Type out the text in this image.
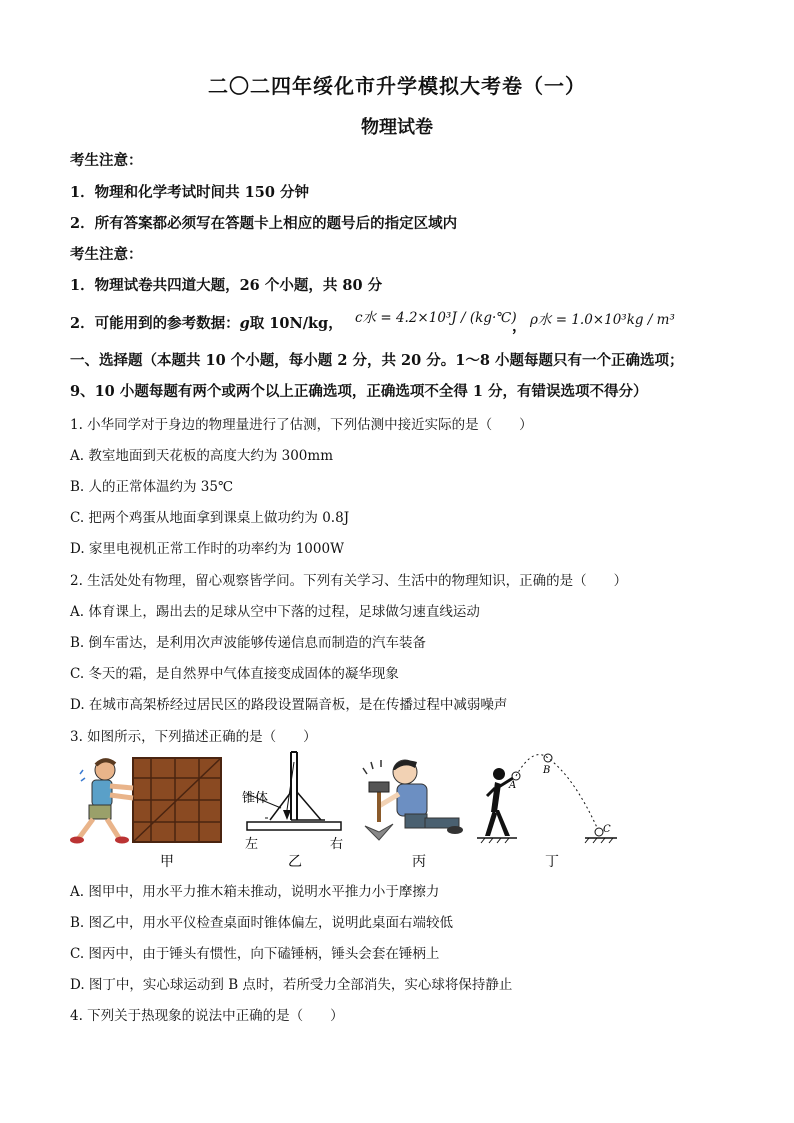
二〇二四年绥化市升学模拟大考卷（一）
物理试卷
考生注意：
1．物理和化学考试时间共 150 分钟
2．所有答案都必须写在答题卡上相应的题号后的指定区域内
考生注意：
1．物理试卷共四道大题，26 个小题，共 80 分
2．可能用到的参考数据：g取 10N/kg， c水 = 4.2×10³J / (kg·℃)
， ρ水 = 1.0×10³kg / m³
一、选择题（本题共 10 个小题，每小题 2 分，共 20 分。1～8 小题每题只有一个正确选项；
9、10 小题每题有两个或两个以上正确选项，正确选项不全得 1 分，有错误选项不得分）
1. 小华同学对于身边的物理量进行了估测，下列估测中接近实际的是（　　）
A. 教室地面到天花板的高度大约为 300mm
B. 人的正常体温约为 35℃
C. 把两个鸡蛋从地面拿到课桌上做功约为 0.8J
D. 家里电视机正常工作时的功率约为 1000W
2. 生活处处有物理，留心观察皆学问。下列有关学习、生活中的物理知识，正确的是（　　）
A. 体育课上，踢出去的足球从空中下落的过程，足球做匀速直线运动
B. 倒车雷达，是利用次声波能够传递信息而制造的汽车装备
C. 冬天的霜，是自然界中气体直接变成固体的凝华现象
D. 在城市高架桥经过居民区的路段设置隔音板，是在传播过程中减弱噪声
3. 如图所示，下列描述正确的是（　　）
锥体
左	右
A
B
C
甲	乙	丙	丁
A. 图甲中，用水平力推木箱未推动，说明水平推力小于摩擦力
B. 图乙中，用水平仪检查桌面时锥体偏左，说明此桌面右端较低
C. 图丙中，由于锤头有惯性，向下磕锤柄，锤头会套在锤柄上
D. 图丁中，实心球运动到 B 点时，若所受力全部消失，实心球将保持静止
4. 下列关于热现象的说法中正确的是（　　）
